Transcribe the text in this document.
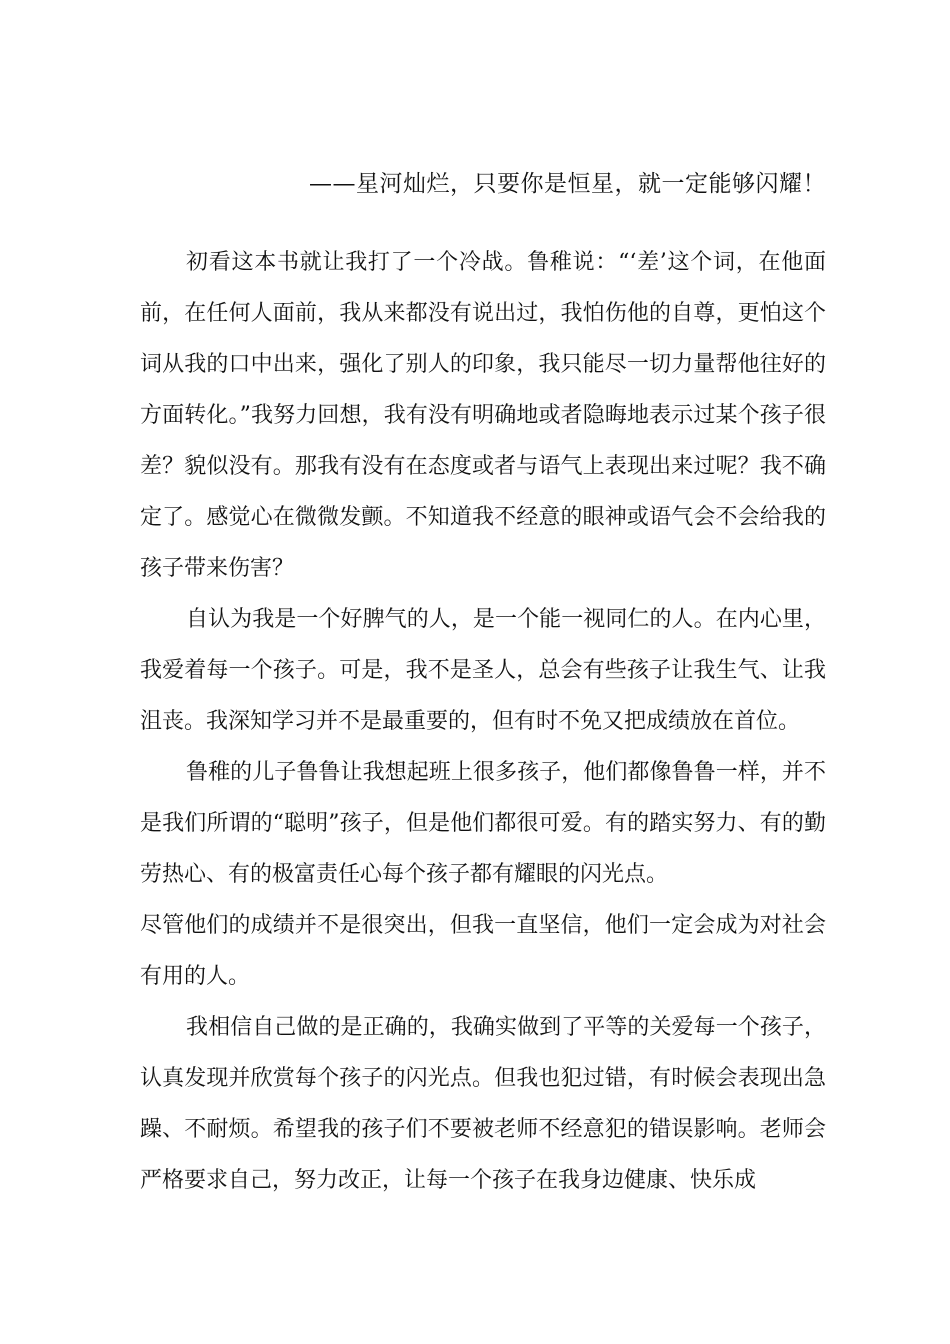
——星河灿烂，只要你是恒星，就一定能够闪耀！

初看这本书就让我打了一个冷战。鲁稚说：“‘差’这个词，在他面前，在任何人面前，我从来都没有说出过，我怕伤他的自尊，更怕这个词从我的口中出来，强化了别人的印象，我只能尽一切力量帮他往好的方面转化。”我努力回想，我有没有明确地或者隐晦地表示过某个孩子很差？貌似没有。那我有没有在态度或者与语气上表现出来过呢？我不确定了。感觉心在微微发颤。不知道我不经意的眼神或语气会不会给我的孩子带来伤害？

自认为我是一个好脾气的人，是一个能一视同仁的人。在内心里，我爱着每一个孩子。可是，我不是圣人，总会有些孩子让我生气、让我沮丧。我深知学习并不是最重要的，但有时不免又把成绩放在首位。

鲁稚的儿子鲁鲁让我想起班上很多孩子，他们都像鲁鲁一样，并不是我们所谓的“聪明”孩子，但是他们都很可爱。有的踏实努力、有的勤劳热心、有的极富责任心每个孩子都有耀眼的闪光点。

尽管他们的成绩并不是很突出，但我一直坚信，他们一定会成为对社会有用的人。

我相信自己做的是正确的，我确实做到了平等的关爱每一个孩子，认真发现并欣赏每个孩子的闪光点。但我也犯过错，有时候会表现出急躁、不耐烦。希望我的孩子们不要被老师不经意犯的错误影响。老师会严格要求自己，努力改正，让每一个孩子在我身边健康、快乐成
